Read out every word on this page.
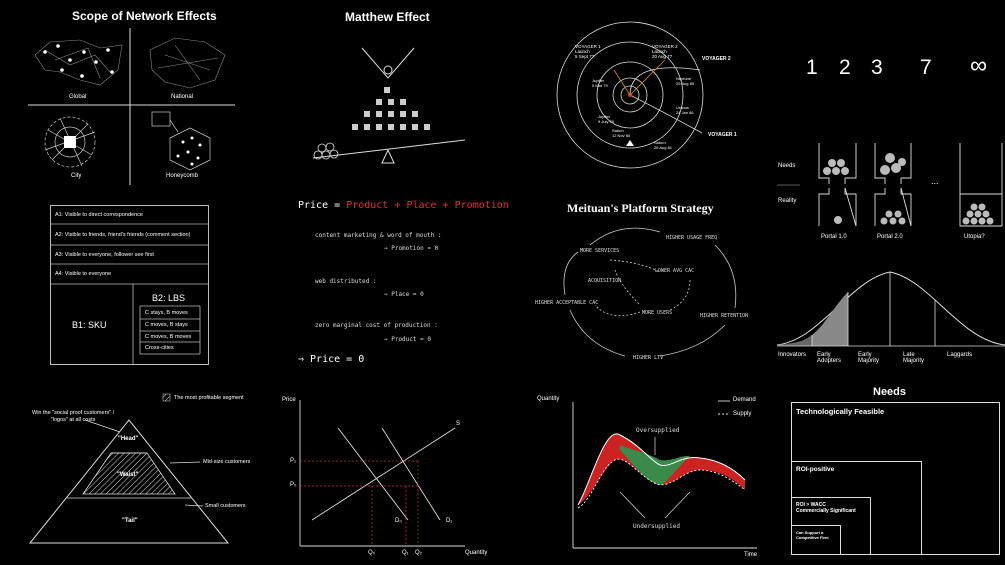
Scope of Network Effects
Global	National
City	Honeycomb
Matthew Effect
VOYAGER 1
Launch
5 Sept 77
VOYAGER 2
Launch
20 Aug 77	VOYAGER 2
VOYAGER 1
Jupiter
5 Mar 79
Jupiter
9 July 79
Neptune
25 Aug 89
Uranus
24 Jan 86
Saturn
12 Nov 80
Saturn
26 Aug 81
1 2 3 7 ∞
Needs
Reality
...
Portal 1.0	Portal 2.0	Utopia?
A1: Visible to direct correspondence
A2: Visible to friends, friend's friends (comment section)
A3: Visible to everyone, follower see first
A4: Visible to everyone
B1: SKU
B2: LBS
C stays, B moves
C moves, B stays
C moves, B moves
Cross-cities
Price = Product + Place + Promotion
content marketing & word of mouth :
⇒ Promotion = 0
web distributed :
⇒ Place = 0
zero marginal cost of production :
⇒ Product = 0
⇒ Price = 0
Meituan's Platform Strategy
MORE SERVICES
HIGHER USAGE FREQ
LOWER AVG CAC
ACQUISITION
MORE USERS
HIGHER ACCEPTABLE CAC
HIGHER RETENTION
HIGHER LTV	Innovators Early
Adopters
Early
Majority
Late
Majority
Laggards
The most profitable segment
Win the "social proof customers" /
"logos" at all costs
"Head"
"Waist"
"Tail"
Mid-size customers
Small customers
Price
Quantity
S
D₀	D₁
P₁
P₀
Q₀	Q₁ Q₂
Quantity
Time
Demand
Supply
Oversupplied
Undersupplied
Needs
Technologically Feasible
ROI-positive
ROI > WACC
Commercially Significant
Can Support a
Competitive Firm
